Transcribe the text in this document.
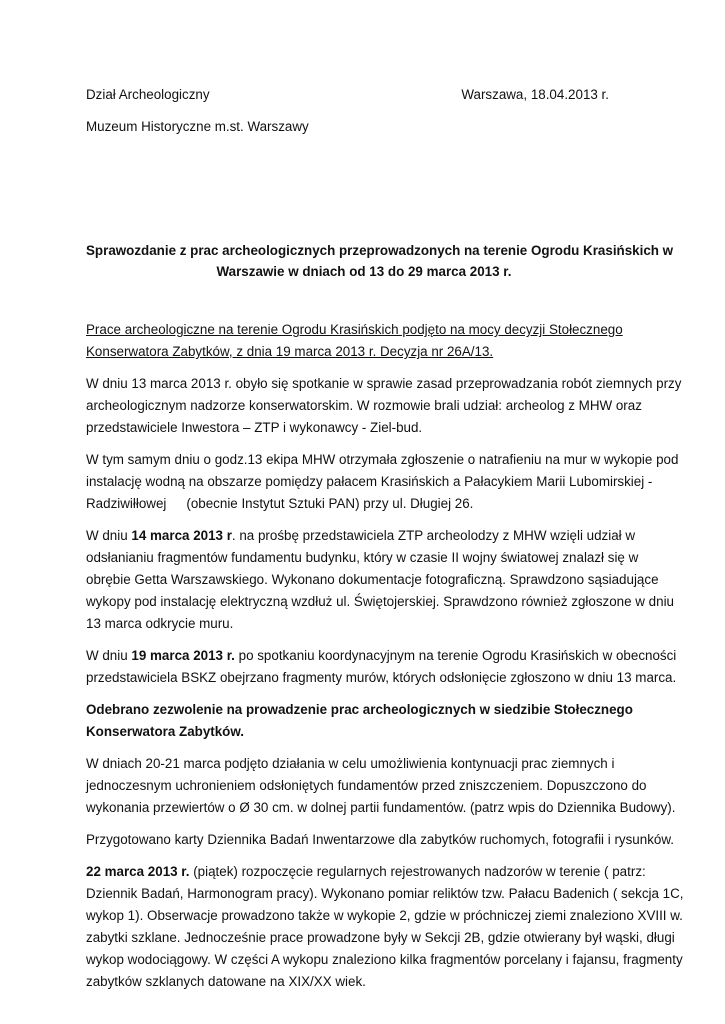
Dział Archeologiczny	Warszawa, 18.04.2013 r.
Muzeum Historyczne m.st. Warszawy
Sprawozdanie z prac archeologicznych przeprowadzonych na terenie Ogrodu Krasińskich w
Warszawie w dniach od 13 do 29 marca 2013 r.

Prace archeologiczne na terenie Ogrodu Krasińskich podjęto na mocy decyzji Stołecznego
Konserwatora Zabytków, z dnia 19 marca 2013 r. Decyzja nr 26A/13.

W dniu 13 marca 2013 r. obyło się spotkanie w sprawie zasad przeprowadzania robót ziemnych przy
archeologicznym nadzorze konserwatorskim. W rozmowie brali udział: archeolog z MHW oraz
przedstawiciele Inwestora – ZTP i wykonawcy - Ziel-bud.

W tym samym dniu o godz.13 ekipa MHW otrzymała zgłoszenie o natrafieniu na mur w wykopie pod
instalację wodną na obszarze pomiędzy pałacem Krasińskich a Pałacykiem Marii Lubomirskiej -
Radziwiłłowej (obecnie Instytut Sztuki PAN) przy ul. Długiej 26.

W dniu 14 marca 2013 r. na prośbę przedstawiciela ZTP archeolodzy z MHW wzięli udział w
odsłanianiu fragmentów fundamentu budynku, który w czasie II wojny światowej znalazł się w
obrębie Getta Warszawskiego. Wykonano dokumentacje fotograficzną. Sprawdzono sąsiadujące
wykopy pod instalację elektryczną wzdłuż ul. Świętojerskiej. Sprawdzono również zgłoszone w dniu
13 marca odkrycie muru.

W dniu 19 marca 2013 r. po spotkaniu koordynacyjnym na terenie Ogrodu Krasińskich w obecności
przedstawiciela BSKZ obejrzano fragmenty murów, których odsłonięcie zgłoszono w dniu 13 marca.

Odebrano zezwolenie na prowadzenie prac archeologicznych w siedzibie Stołecznego
Konserwatora Zabytków.

W dniach 20-21 marca podjęto działania w celu umożliwienia kontynuacji prac ziemnych i
jednoczesnym uchronieniem odsłoniętych fundamentów przed zniszczeniem. Dopuszczono do
wykonania przewiertów o Ø 30 cm. w dolnej partii fundamentów. (patrz wpis do Dziennika Budowy).

Przygotowano karty Dziennika Badań Inwentarzowe dla zabytków ruchomych, fotografii i rysunków.

22 marca 2013 r. (piątek) rozpoczęcie regularnych rejestrowanych nadzorów w terenie ( patrz:
Dziennik Badań, Harmonogram pracy). Wykonano pomiar reliktów tzw. Pałacu Badenich ( sekcja 1C,
wykop 1). Obserwacje prowadzono także w wykopie 2, gdzie w próchniczej ziemi znaleziono XVIII w.
zabytki szklane. Jednocześnie prace prowadzone były w Sekcji 2B, gdzie otwierany był wąski, długi
wykop wodociągowy. W części A wykopu znaleziono kilka fragmentów porcelany i fajansu, fragmenty
zabytków szklanych datowane na XIX/XX wiek.
